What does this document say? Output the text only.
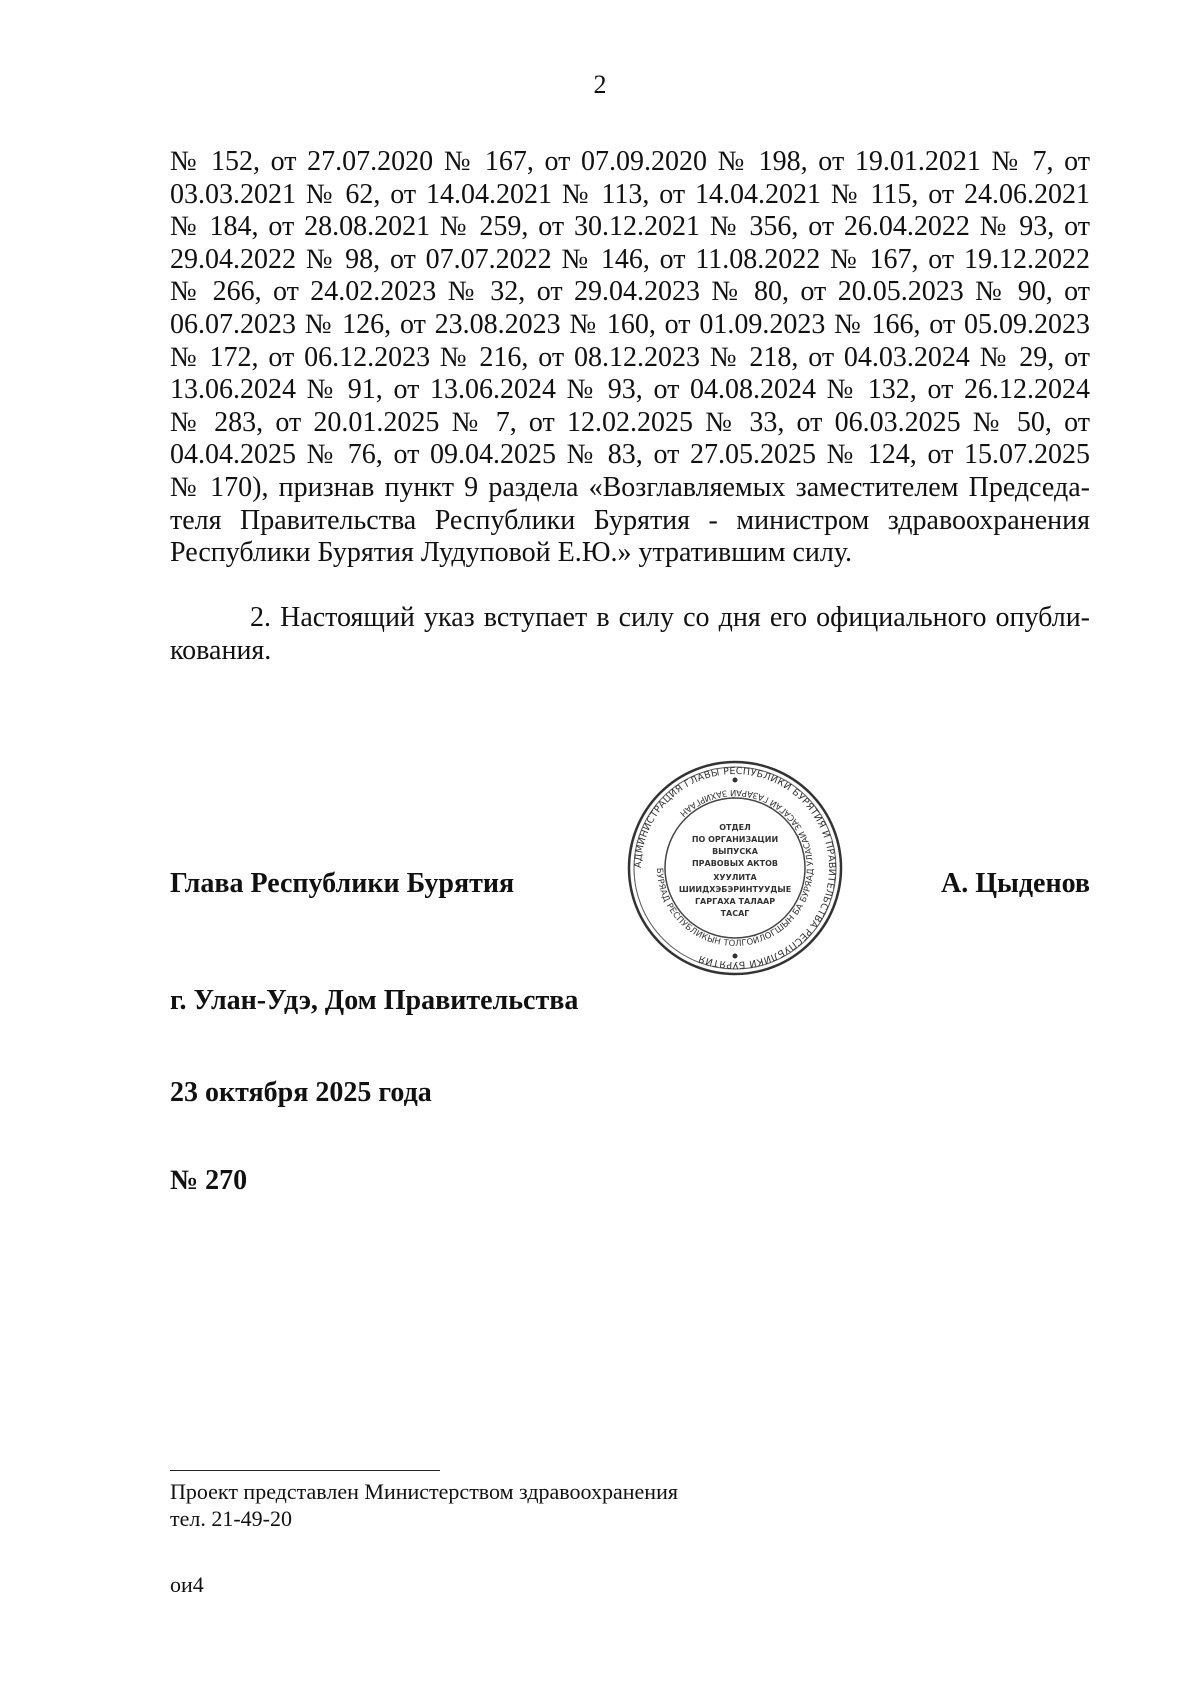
2
№ 152, от 27.07.2020 № 167, от 07.09.2020 № 198, от 19.01.2021 № 7, от
03.03.2021 № 62, от 14.04.2021 № 113, от 14.04.2021 № 115, от 24.06.2021
№ 184, от 28.08.2021 № 259, от 30.12.2021 № 356, от 26.04.2022 № 93, от
29.04.2022 № 98, от 07.07.2022 № 146, от 11.08.2022 № 167, от 19.12.2022
№ 266, от 24.02.2023 № 32, от 29.04.2023 № 80, от 20.05.2023 № 90, от
06.07.2023 № 126, от 23.08.2023 № 160, от 01.09.2023 № 166, от 05.09.2023
№ 172, от 06.12.2023 № 216, от 08.12.2023 № 218, от 04.03.2024 № 29, от
13.06.2024 № 91, от 13.06.2024 № 93, от 04.08.2024 № 132, от 26.12.2024
№ 283, от 20.01.2025 № 7, от 12.02.2025 № 33, от 06.03.2025 № 50, от
04.04.2025 № 76, от 09.04.2025 № 83, от 27.05.2025 № 124, от 15.07.2025
№ 170), признав пункт 9 раздела «Возглавляемых заместителем Председа-
теля Правительства Республики Бурятия - министром здравоохранения
Республики Бурятия Лудуповой Е.Ю.» утратившим силу.
2. Настоящий указ вступает в силу со дня его официального опубли-
кования.
Глава Республики Бурятия	А. Цыденов
АДМИНИСТРАЦИЯ ГЛАВЫ РЕСПУБЛИКИ БУРЯТИЯ И ПРАВИТЕЛЬСТВА РЕСПУБЛИКИ БУРЯТИЯ
БУРЯАД РЕСПУБЛИКЫН ТОЛГОЙЛОГШЫН БА БУРЯАД УЛАСАЙ ЗАСАГАЙ ГАЗАРАЙ ЗАХИРГААН
ОТДЕЛ
ПО ОРГАНИЗАЦИИ
ВЫПУСКА
ПРАВОВЫХ АКТОВ
ХУУЛИТА
ШИИДХЭБЭРИНТУУДЫЕ
ГАРГАХА ТАЛААР
ТАСАГ
г. Улан-Удэ, Дом Правительства
23 октября 2025 года
№ 270
Проект представлен Министерством здравоохранения
тел. 21-49-20
ои4
